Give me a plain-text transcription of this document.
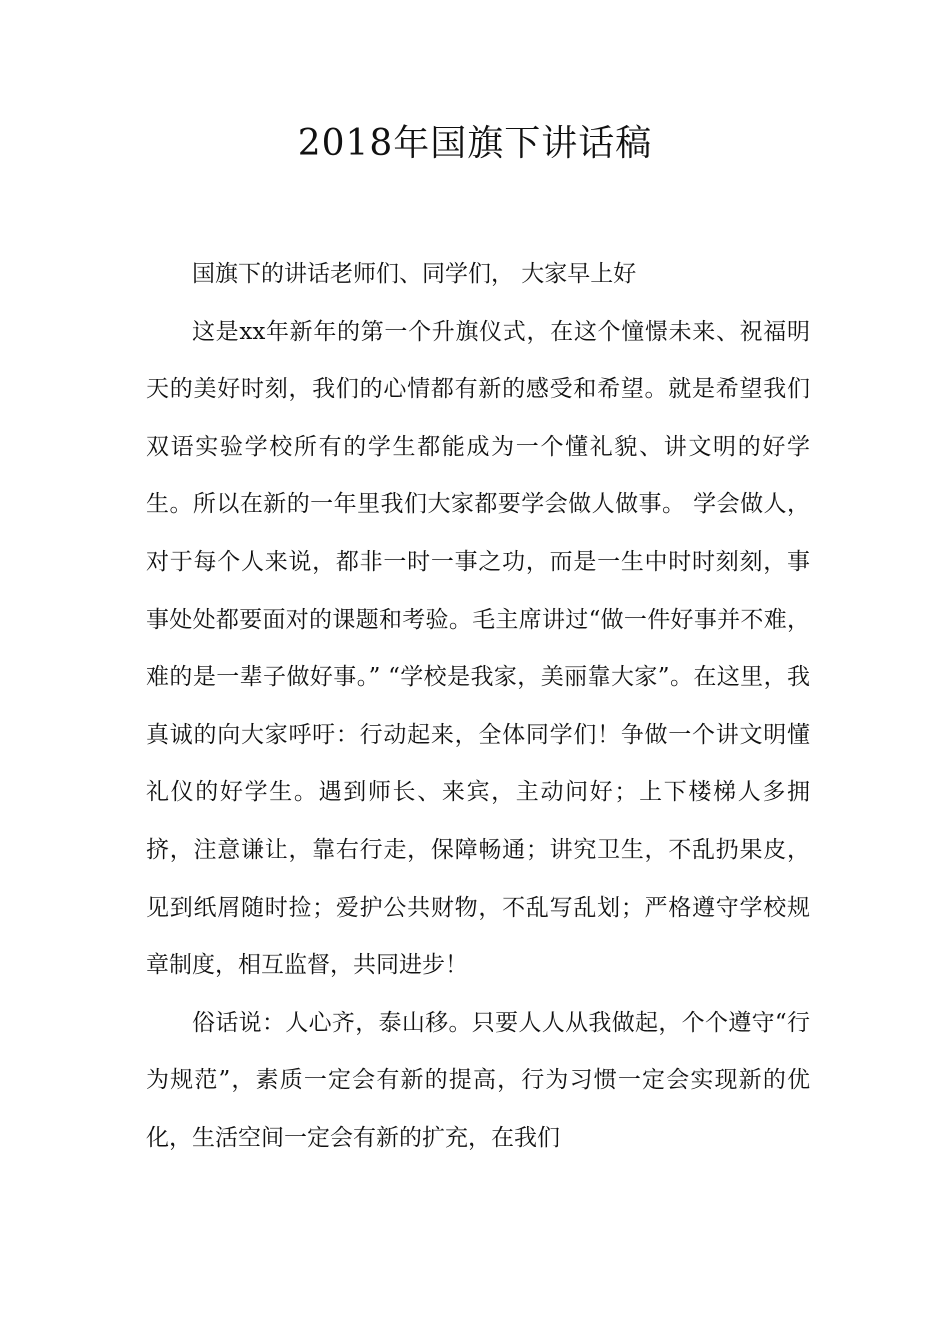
2018年国旗下讲话稿

国旗下的讲话老师们、同学们， 大家早上好

这是xx年新年的第一个升旗仪式，在这个憧憬未来、祝福明天的美好时刻，我们的心情都有新的感受和希望。就是希望我们双语实验学校所有的学生都能成为一个懂礼貌、讲文明的好学生。所以在新的一年里我们大家都要学会做人做事。 学会做人，对于每个人来说，都非一时一事之功，而是一生中时时刻刻，事事处处都要面对的课题和考验。毛主席讲过“做一件好事并不难，难的是一辈子做好事。” “学校是我家，美丽靠大家”。在这里，我真诚的向大家呼吁：行动起来，全体同学们！争做一个讲文明懂礼仪的好学生。遇到师长、来宾，主动问好；上下楼梯人多拥挤，注意谦让，靠右行走，保障畅通；讲究卫生，不乱扔果皮，见到纸屑随时捡；爱护公共财物，不乱写乱划；严格遵守学校规章制度，相互监督，共同进步！

俗话说：人心齐，泰山移。只要人人从我做起，个个遵守“行为规范”，素质一定会有新的提高，行为习惯一定会实现新的优化，生活空间一定会有新的扩充，在我们
